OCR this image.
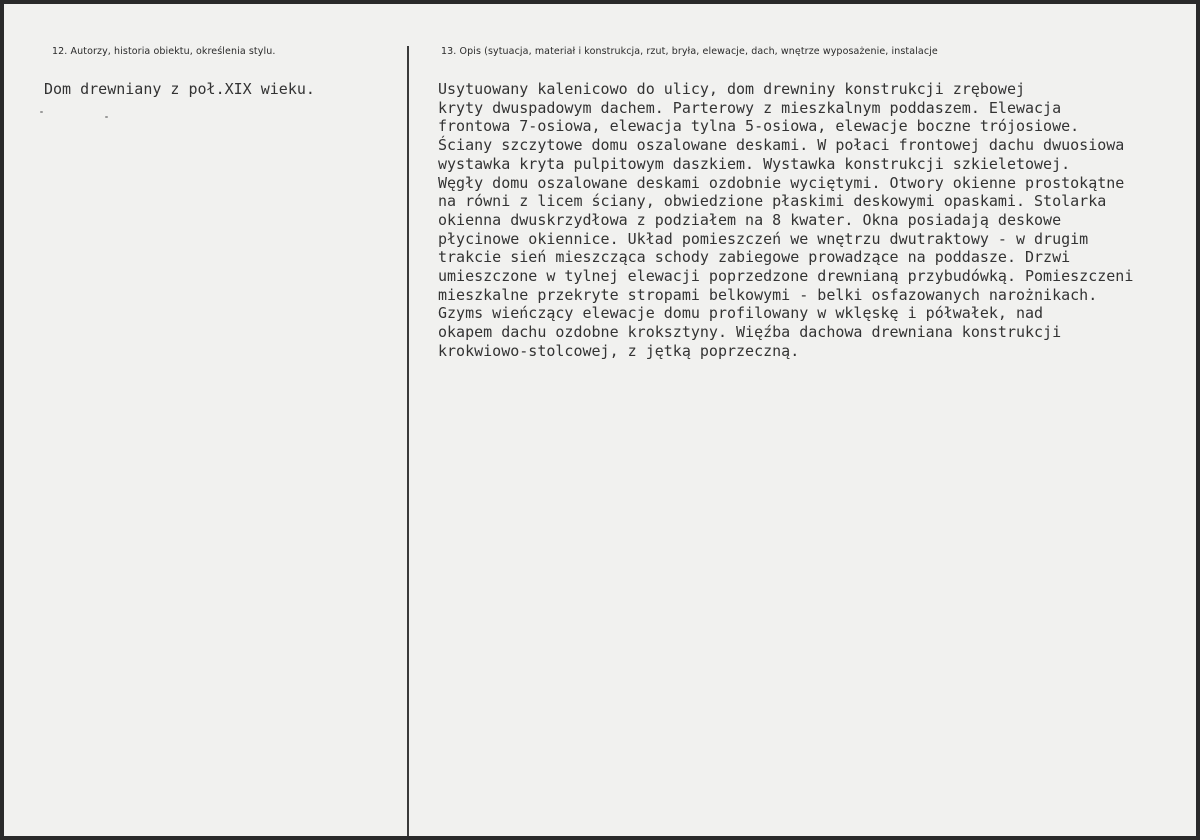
12. Autorzy, historia obiektu, określenia stylu.	13. Opis (sytuacja, materiał i konstrukcja, rzut, bryła, elewacje, dach, wnętrze wyposażenie, instalacje
Dom drewniany z poł.XIX wieku.	Usytuowany kalenicowo do ulicy, dom drewniny konstrukcji zrębowej
kryty dwuspadowym dachem. Parterowy z mieszkalnym poddaszem. Elewacja
frontowa 7-osiowa, elewacja tylna 5-osiowa, elewacje boczne trójosiowe.
Ściany szczytowe domu oszalowane deskami. W połaci frontowej dachu dwuosiowa
wystawka kryta pulpitowym daszkiem. Wystawka konstrukcji szkieletowej.
Węgły domu oszalowane deskami ozdobnie wyciętymi. Otwory okienne prostokątne
na równi z licem ściany, obwiedzione płaskimi deskowymi opaskami. Stolarka
okienna dwuskrzydłowa z podziałem na 8 kwater. Okna posiadają deskowe
płycinowe okiennice. Układ pomieszczeń we wnętrzu dwutraktowy - w drugim
trakcie sień mieszcząca schody zabiegowe prowadzące na poddasze. Drzwi
umieszczone w tylnej elewacji poprzedzone drewnianą przybudówką. Pomieszczeni
mieszkalne przekryte stropami belkowymi - belki osfazowanych narożnikach.
Gzyms wieńczący elewacje domu profilowany w wklęskę i półwałek, nad
okapem dachu ozdobne kroksztyny. Więźba dachowa drewniana konstrukcji
krokwiowo-stolcowej, z jętką poprzeczną.
